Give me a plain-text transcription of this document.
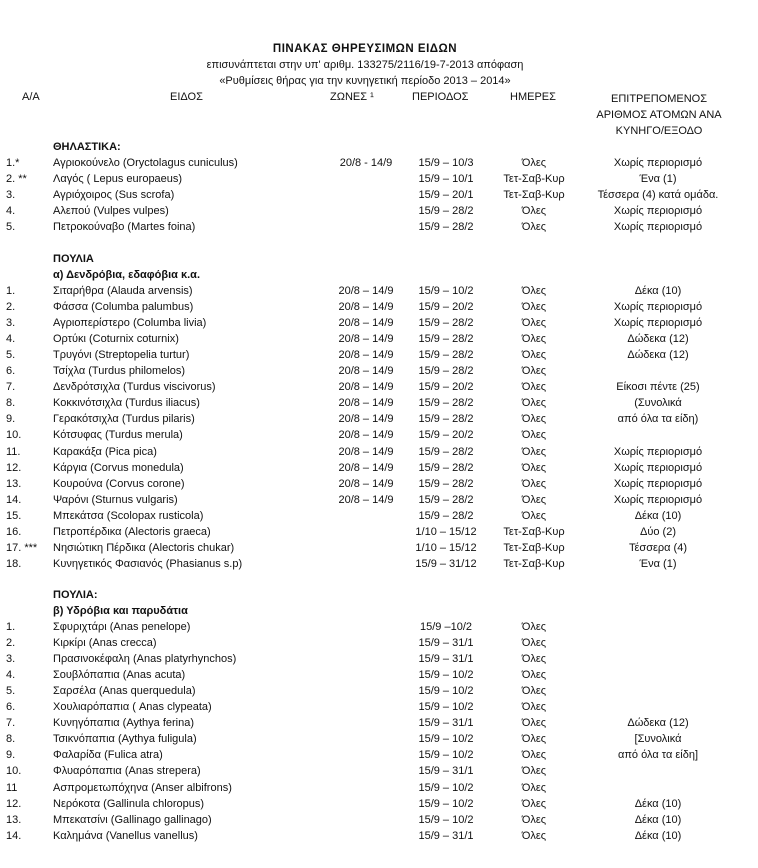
ΠΙΝΑΚΑΣ ΘΗΡΕΥΣΙΜΩΝ ΕΙΔΩΝ
επισυνάπτεται στην υπ' αριθμ. 133275/2116/19-7-2013 απόφαση
«Ρυθμίσεις θήρας για την κυνηγετική περίοδο 2013 – 2014»
Α/Α	ΕΙΔΟΣ	ΖΩΝΕΣ ¹	ΠΕΡΙΟΔΟΣ	ΗΜΕΡΕΣ	ΕΠΙΤΡΕΠΟΜΕΝΟΣ
ΑΡΙΘΜΟΣ ΑΤΟΜΩΝ ΑΝΑ
ΚΥΝΗΓΟ/ΕΞΟΔΟ
ΘΗΛΑΣΤΙΚΑ:
1.*	Αγριοκούνελο (Oryctolagus cuniculus)	20/8 - 14/9	15/9 – 10/3	Όλες	Χωρίς περιορισμό
2. ** Λαγός ( Lepus europaeus)	15/9 – 10/1	Τετ-Σαβ-Κυρ	Ένα (1)
3.	Αγριόχοιρος (Sus scrofa)	15/9 – 20/1	Τετ-Σαβ-Κυρ	Τέσσερα (4) κατά ομάδα.
4.	Αλεπού (Vulpes vulpes)	15/9 – 28/2	Όλες	Χωρίς περιορισμό
5.	Πετροκούναβο (Martes foina)	15/9 – 28/2	Όλες	Χωρίς περιορισμό
ΠΟΥΛΙΑ
α) Δενδρόβια, εδαφόβια κ.α.
1.	Σιταρήθρα (Alauda arvensis)	20/8 – 14/9	15/9 – 10/2	Όλες	Δέκα (10)
2.	Φάσσα (Columba palumbus)	20/8 – 14/9	15/9 – 20/2	Όλες	Χωρίς περιορισμό
3.	Αγριοπερίστερο (Columba livia)	20/8 – 14/9	15/9 – 28/2	Όλες	Χωρίς περιορισμό
4.	Ορτύκι (Coturnix coturnix)	20/8 – 14/9	15/9 – 28/2	Όλες	Δώδεκα (12)
5.	Τρυγόνι (Streptopelia turtur)	20/8 – 14/9	15/9 – 28/2	Όλες	Δώδεκα (12)
6.	Τσίχλα (Turdus philomelos)	20/8 – 14/9	15/9 – 28/2	Όλες
7.	Δενδρότσιχλα (Turdus viscivorus)	20/8 – 14/9	15/9 – 20/2	Όλες	Είκοσι πέντε (25)
8.	Κοκκινότσιχλα (Turdus iliacus)	20/8 – 14/9	15/9 – 28/2	Όλες	(Συνολικά
9.	Γερακότσιχλα (Turdus pilaris)	20/8 – 14/9	15/9 – 28/2	Όλες	από όλα τα είδη)
10.	Κότσυφας (Turdus merula)	20/8 – 14/9	15/9 – 20/2	Όλες
11.	Καρακάξα (Pica pica)	20/8 – 14/9	15/9 – 28/2	Όλες	Χωρίς περιορισμό
12.	Κάργια (Corvus monedula)	20/8 – 14/9	15/9 – 28/2	Όλες	Χωρίς περιορισμό
13.	Κουρούνα (Corvus corone)	20/8 – 14/9	15/9 – 28/2	Όλες	Χωρίς περιορισμό
14.	Ψαρόνι (Sturnus vulgaris)	20/8 – 14/9	15/9 – 28/2	Όλες	Χωρίς περιορισμό
15.	Μπεκάτσα (Scolopax rusticola)	15/9 – 28/2	Όλες	Δέκα (10)
16.	Πετροπέρδικα (Alectoris graeca)	1/10 – 15/12	Τετ-Σαβ-Κυρ	Δύο (2)
17. *** Νησιώτικη Πέρδικα (Alectoris chukar)	1/10 – 15/12	Τετ-Σαβ-Κυρ	Τέσσερα (4)
18.	Κυνηγετικός Φασιανός (Phasianus s.p)	15/9 – 31/12	Τετ-Σαβ-Κυρ	Ένα (1)
ΠΟΥΛΙΑ:
β) Υδρόβια και παρυδάτια
1.	Σφυριχτάρι (Anas penelope)	15/9 –10/2	Όλες
2.	Κιρκίρι (Anas crecca)	15/9 – 31/1	Όλες
3.	Πρασινοκέφαλη (Anas platyrhynchos)	15/9 – 31/1	Όλες
4.	Σουβλόπαπια (Anas acuta)	15/9 – 10/2	Όλες
5.	Σαρσέλα (Anas querquedula)	15/9 – 10/2	Όλες
6.	Χουλιαρόπαπια ( Anas clypeata)	15/9 – 10/2	Όλες
7.	Κυνηγόπαπια (Aythya ferina)	15/9 – 31/1	Όλες	Δώδεκα (12)
8.	Τσικνόπαπια (Aythya fuligula)	15/9 – 10/2	Όλες	[Συνολικά
9.	Φαλαρίδα (Fulica atra)	15/9 – 10/2	Όλες	από όλα τα είδη]
10.	Φλυαρόπαπια (Anas strepera)	15/9 – 31/1	Όλες
11	Ασπρομετωπόχηνα (Anser albifrons)	15/9 – 10/2	Όλες
12.	Νερόκοτα (Gallinula chloropus)	15/9 – 10/2	Όλες	Δέκα (10)
13.	Μπεκατσίνι (Gallinago gallinago)	15/9 – 10/2	Όλες	Δέκα (10)
14.	Καλημάνα (Vanellus vanellus)	15/9 – 31/1	Όλες	Δέκα (10)
